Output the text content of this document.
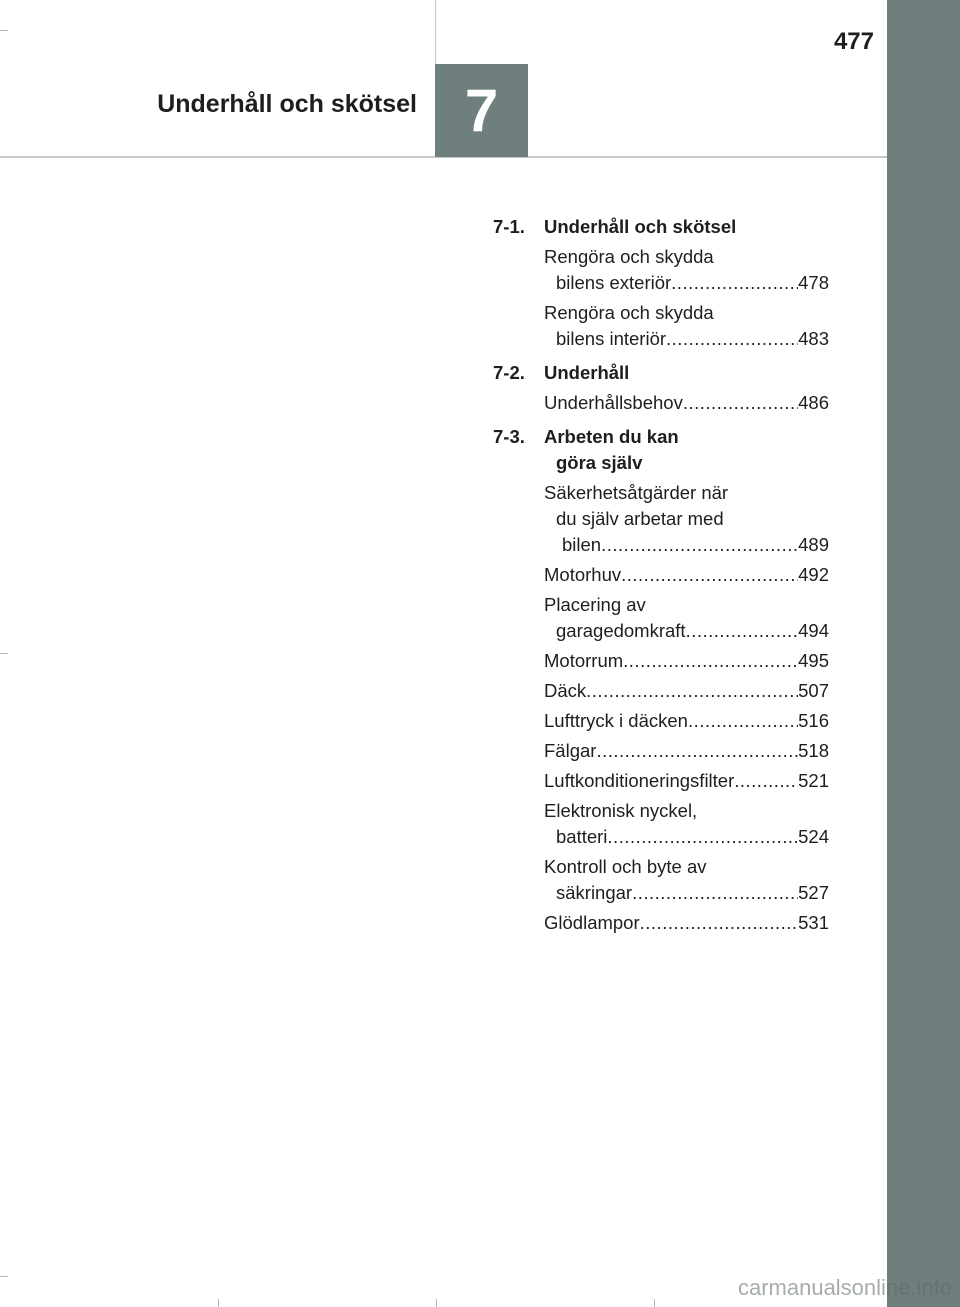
Underhåll och skötsel 7
477
7-1. Underhåll och skötsel
Rengöra och skydda
bilens exteriör .....	478
Rengöra och skydda
bilens interiör .....	483
7-2. Underhåll
Underhållsbehov .....	486
7-3. Arbeten du kan
göra själv
Säkerhetsåtgärder när
du själv arbetar med
bilen .....	489
Motorhuv .....	492
Placering av
garagedomkraft .....	494
Motorrum .....	495
Däck .....	507
Lufttryck i däcken .....	516
Fälgar .....	518
Luftkonditioneringsfilter .....	521
Elektronisk nyckel,
batteri .....	524
Kontroll och byte av
säkringar .....	527
Glödlampor .....	531
carmanualsonline.info
